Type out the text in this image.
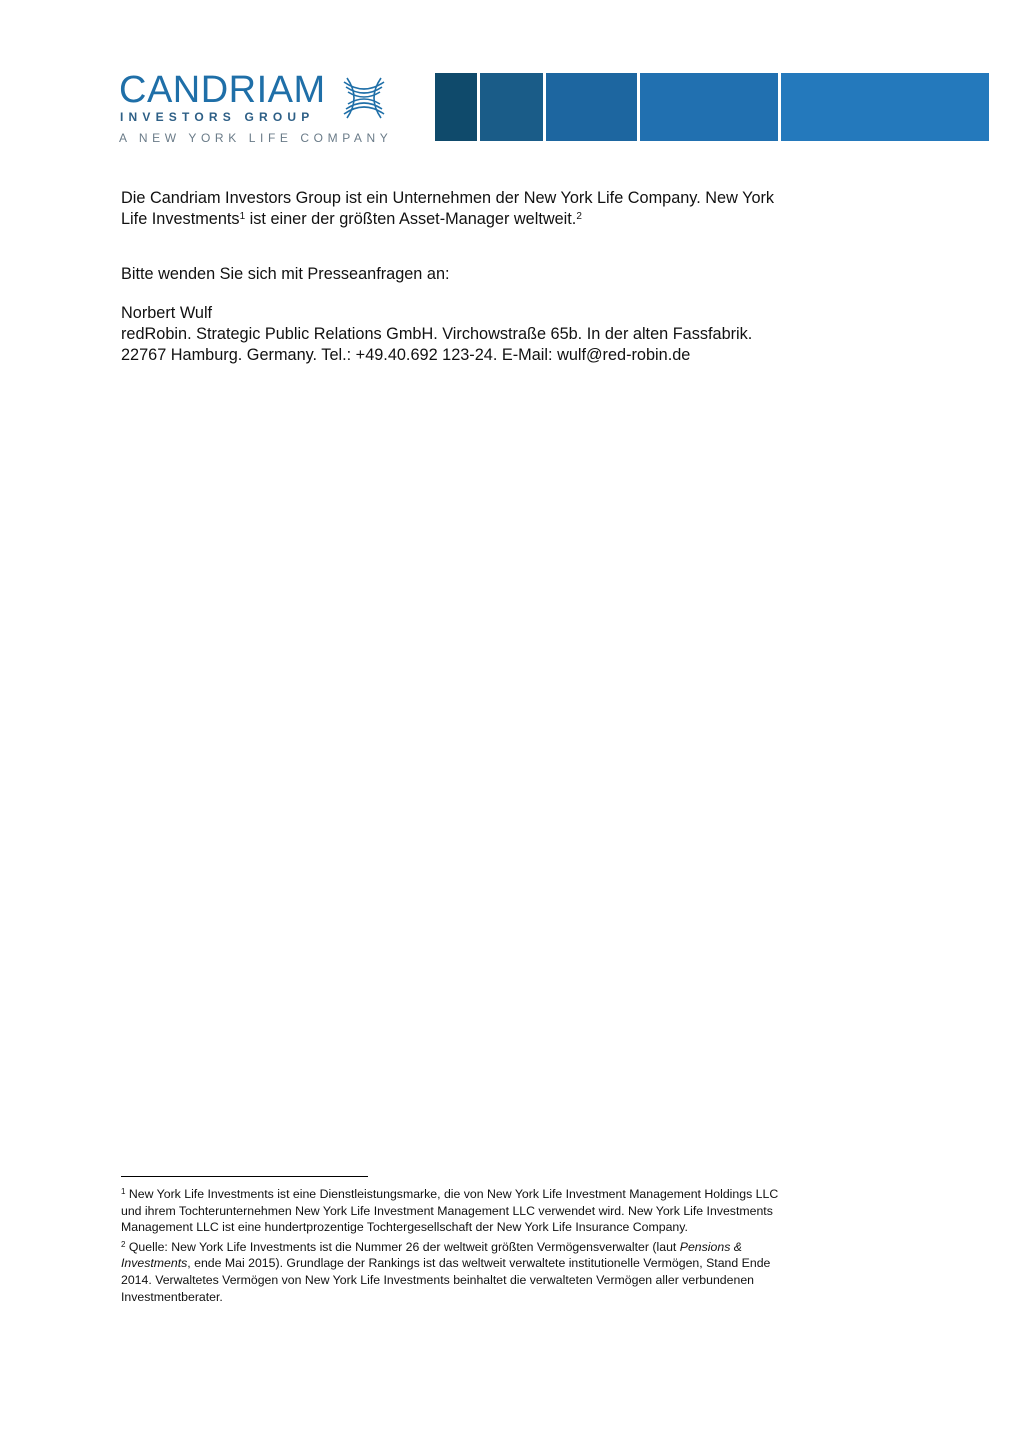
CANDRIAM
INVESTORS GROUP
A NEW YORK LIFE COMPANY
Die Candriam Investors Group ist ein Unternehmen der New York Life Company. New York Life Investments$^1$ ist einer der größten Asset-Manager weltweit.$^2$
Bitte wenden Sie sich mit Presseanfragen an:
Norbert Wulf
redRobin. Strategic Public Relations GmbH. Virchowstraße 65b. In der alten Fassfabrik.
22767 Hamburg. Germany. Tel.: +49.40.692 123-24. E-Mail: wulf@red-robin.de
$^1$ New York Life Investments ist eine Dienstleistungsmarke, die von New York Life Investment Management Holdings LLC und ihrem Tochterunternehmen New York Life Investment Management LLC verwendet wird. New York Life Investments Management LLC ist eine hundertprozentige Tochtergesellschaft der New York Life Insurance Company.
$^2$ Quelle: New York Life Investments ist die Nummer 26 der weltweit größten Vermögensverwalter (laut Pensions & Investments, ende Mai 2015). Grundlage der Rankings ist das weltweit verwaltete institutionelle Vermögen, Stand Ende 2014. Verwaltetes Vermögen von New York Life Investments beinhaltet die verwalteten Vermögen aller verbundenen Investmentberater.
